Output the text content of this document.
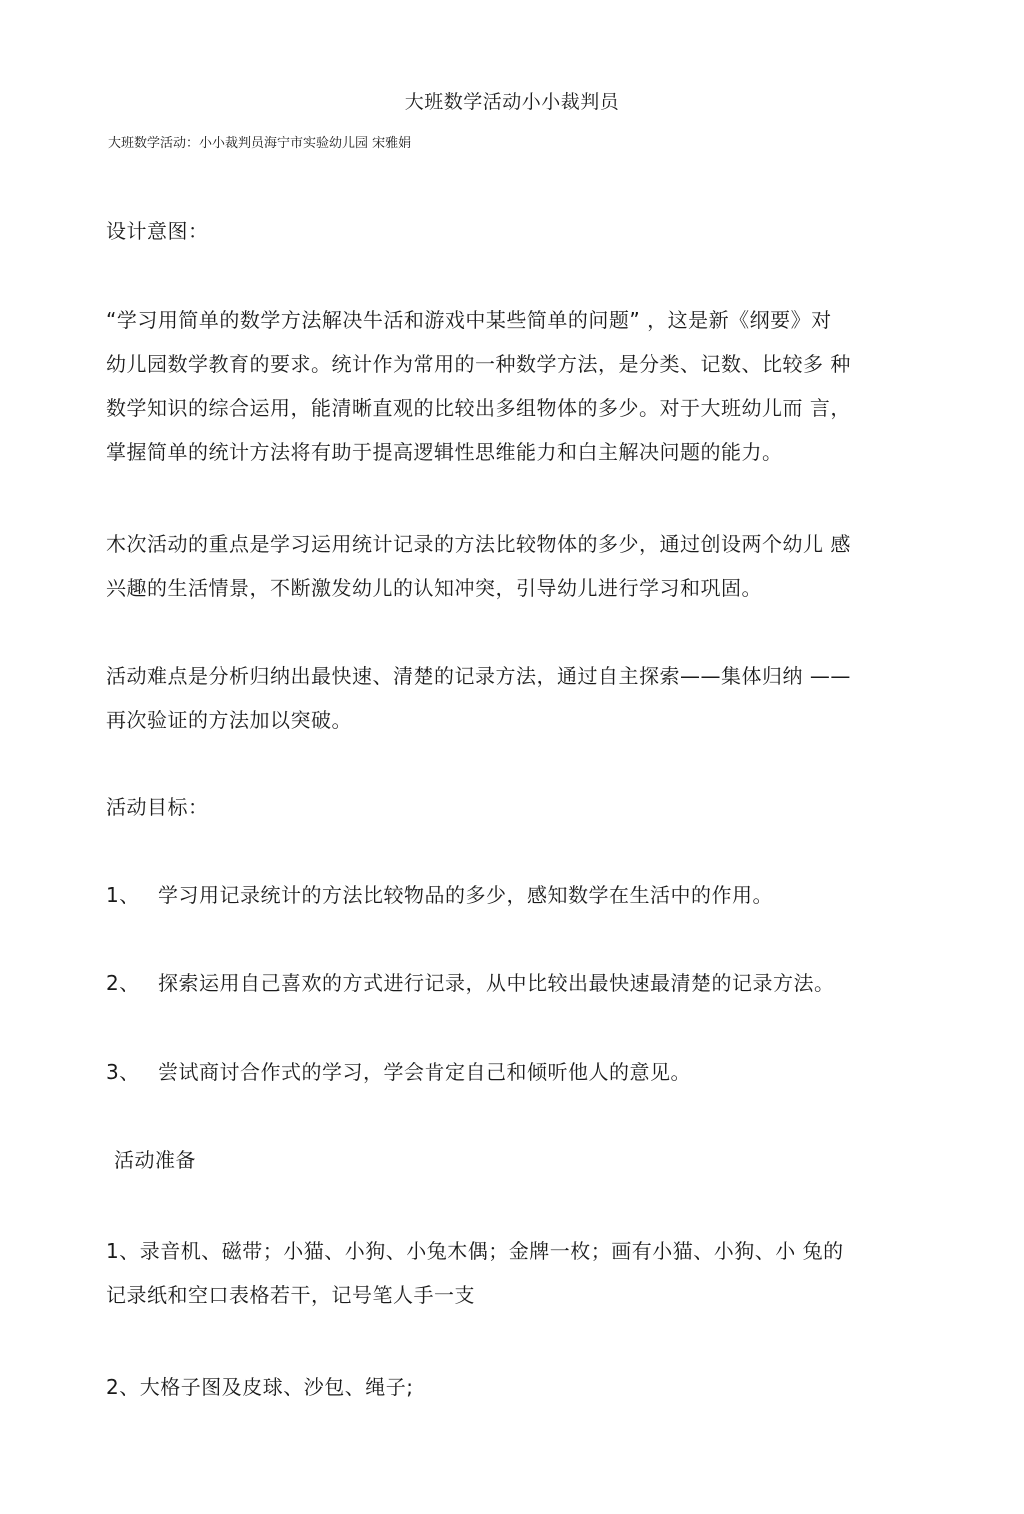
大班数学活动小小裁判员
大班数学活动：小小裁判员海宁市实验幼儿园 宋雅娟
设计意图：
“学习用简单的数学方法解决牛活和游戏中某些简单的问题” ，这是新《纲要》对
幼儿园数学教育的要求。统计作为常用的一种数学方法，是分类、记数、比较多 种
数学知识的综合运用，能清晰直观的比较出多组物体的多少。对于大班幼儿而 言，
掌握简单的统计方法将有助于提高逻辑性思维能力和白主解决问题的能力。
木次活动的重点是学习运用统计记录的方法比较物体的多少，通过创设两个幼儿 感
兴趣的生活情景，不断激发幼儿的认知冲突，引导幼儿进行学习和巩固。
活动难点是分析归纳出最快速、清楚的记录方法，通过自主探索——集体归纳 ——
再次验证的方法加以突破。
活动目标：
1、 学习用记录统计的方法比较物品的多少，感知数学在生活中的作用。
2、 探索运用自己喜欢的方式进行记录，从中比较出最快速最清楚的记录方法。
3、 尝试商讨合作式的学习，学会肯定自己和倾听他人的意见。
活动准备
1、录音机、磁带；小猫、小狗、小兔木偶；金牌一枚；画有小猫、小狗、小 兔的
记录纸和空口表格若干，记号笔人手一支
2、大格子图及皮球、沙包、绳子;
